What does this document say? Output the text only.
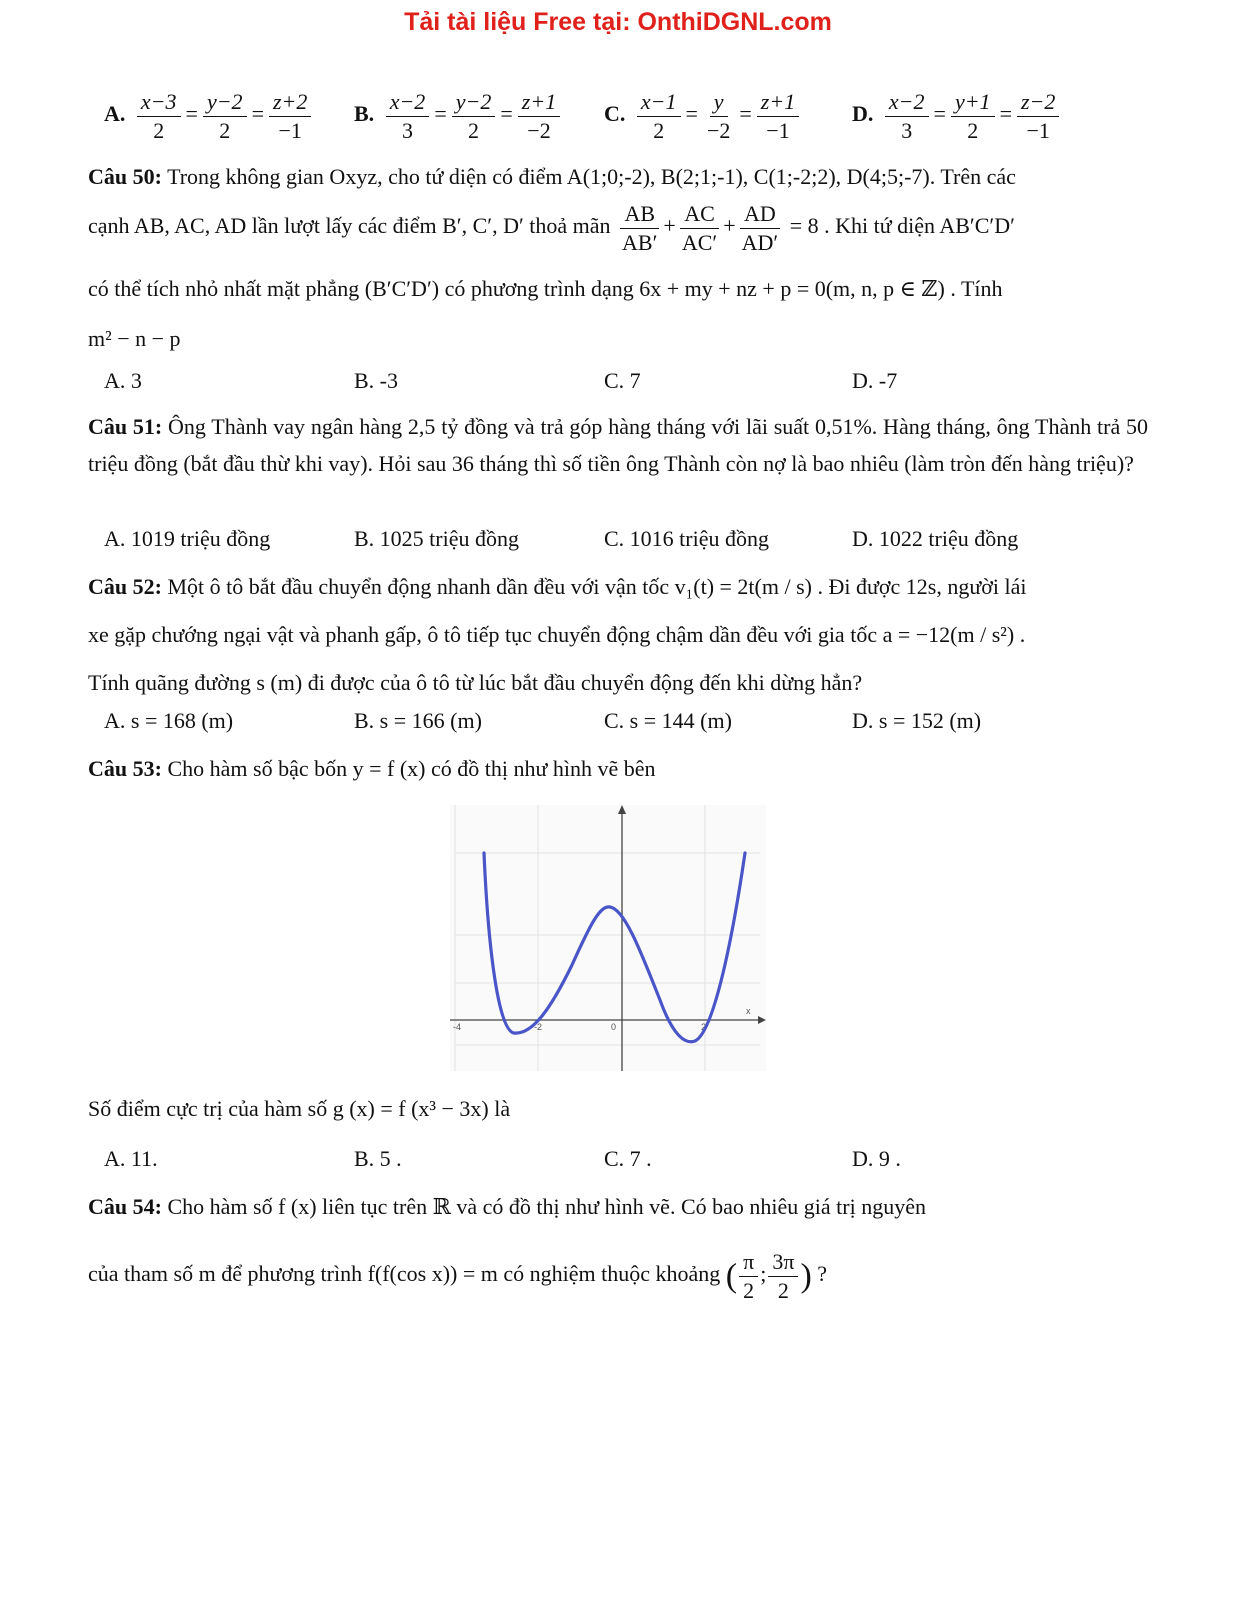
Tải tài liệu Free tại: OnthiDGNL.com
A. $\frac{x-3}{2} = \frac{y-2}{2} = \frac{z+2}{-1} B$. $\frac{x-2}{3} = \frac{y-2}{2} = \frac{z+1}{-2} C$. $\frac{x-1}{2} = \frac{y}{-2} = \frac{z+1}{-1} D$. $\frac{x-2}{3} = \frac{y+1}{2} = \frac{z-2}{-1}$
Câu 50: Trong không gian Oxyz, cho tứ diện có điểm A(1;0;-2), B(2;1;-1), C(1;-2;2), D(4;5;-7). Trên các
cạnh AB, AC, AD lần lượt lấy các điểm B′, C′, D′ thoả mãn $\frac{AB}{AB'} + \frac{AC}{AC'} + \frac{AD}{AD'} = 8$ . Khi tứ diện AB′C′D′
có thể tích nhỏ nhất mặt phẳng (B′C′D′) có phương trình dạng 6x + my + nz + p = 0(m, n, p ∈ ℤ) . Tính
m² − n − p
A. 3	B. -3	C. 7	D. -7
Câu 51: Ông Thành vay ngân hàng 2,5 tỷ đồng và trả góp hàng tháng với lãi suất 0,51%. Hàng tháng, ông Thành trả 50 triệu đồng (bắt đầu thừ khi vay). Hỏi sau 36 tháng thì số tiền ông Thành còn nợ là bao nhiêu (làm tròn đến hàng triệu)?
A. 1019 triệu đồng	B. 1025 triệu đồng	C. 1016 triệu đồng	D. 1022 triệu đồng
Câu 52: Một ô tô bắt đầu chuyển động nhanh dần đều với vận tốc v₁(t) = 2t(m / s) . Đi được 12s, người lái
xe gặp chướng ngại vật và phanh gấp, ô tô tiếp tục chuyển động chậm dần đều với gia tốc a = −12(m / s²) .
Tính quãng đường s (m) đi được của ô tô từ lúc bắt đầu chuyển động đến khi dừng hẳn?
A. s = 168 (m)	B. s = 166 (m)	C. s = 144 (m)	D. s = 152 (m)
Câu 53: Cho hàm số bậc bốn y = f (x) có đồ thị như hình vẽ bên
-4	-2	0	2
x
Số điểm cực trị của hàm số g (x) = f (x³ − 3x) là
A. 11.	B. 5 .	C. 7 .	D. 9 .
Câu 54: Cho hàm số f (x) liên tục trên ℝ và có đồ thị như hình vẽ. Có bao nhiêu giá trị nguyên
của tham số m để phương trình f(f(cos x)) = m có nghiệm thuộc khoảng ( $\frac{\pi}{2}$ ; $\frac{3\pi}{2}$ ) ?
